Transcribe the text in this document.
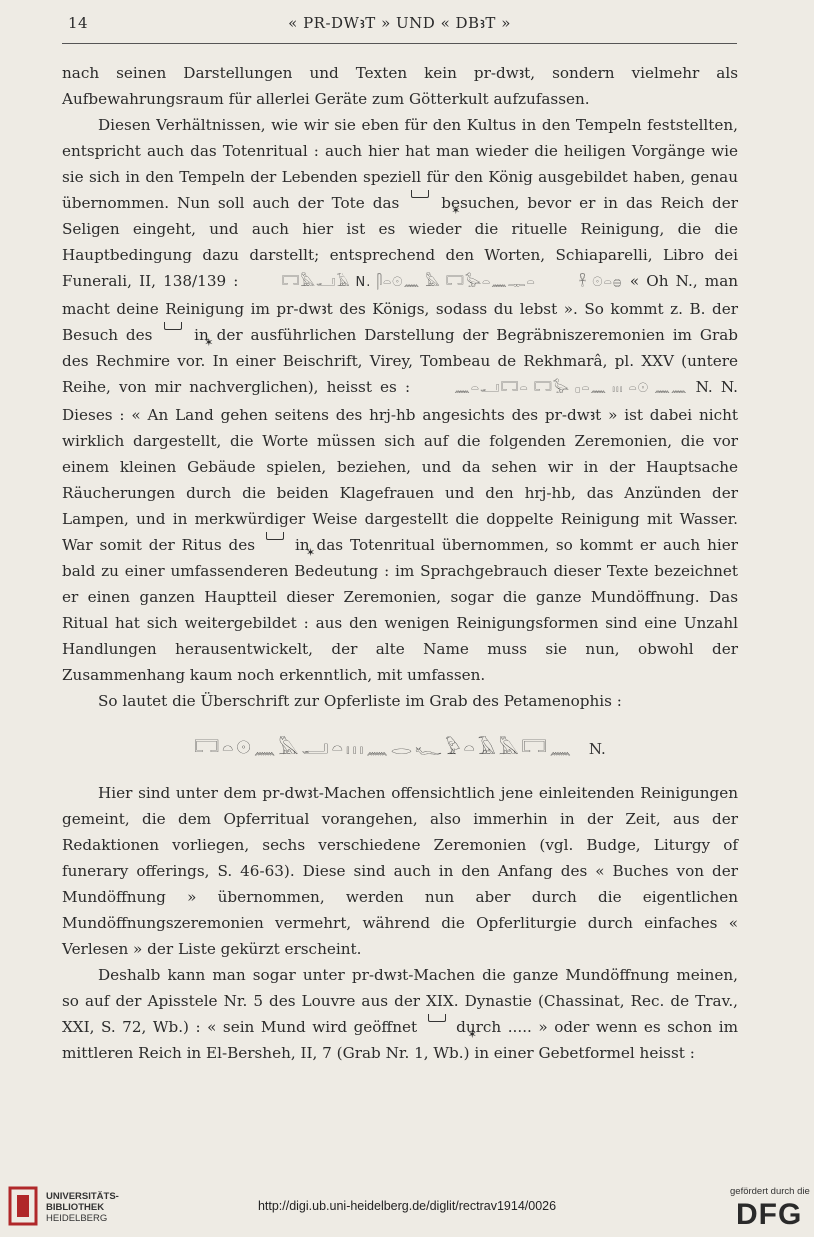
14	« PR-DWꜣT » UND « DBꜣT »

nach seinen Darstellungen und Texten kein pr-dwꜣt, sondern vielmehr als Aufbewahrungsraum für allerlei Geräte zum Götterkult aufzufassen.

Diesen Verhältnissen, wie wir sie eben für den Kultus in den Tempeln feststellten, entspricht auch das Totenritual : auch hier hat man wieder die heiligen Vorgänge wie sie sich in den Tempeln der Lebenden speziell für den König ausgebildet haben, genau übernommen. Nun soll auch der Tote das ✶	besuchen, bevor er in das Reich der Seligen eingeht, und auch hier ist es wieder die rituelle Reinigung, die die Hauptbedingung dazu darstellt; entsprechend den Worten, Schiaparelli, Libro dei Funerali, II, 138/139 :	𓉐𓅓𓂝𓄿 N. 𓋴𓏏𓇳𓈖 𓅓 𓉐𓅭𓏏𓈖𓊃𓏏	𓋹 𓇳𓏏𓐍 « Oh N., man macht deine Reinigung im pr-dwꜣt des Königs, sodass du lebst ». So kommt z. B. der Besuch des ✶	in der ausführlichen Darstellung der Begräbniszeremonien im Grab des Rechmire vor. In einer Beischrift, Virey, Tombeau de Rekhmarâ, pl. XXV (untere Reihe, von mir nachverglichen), heisst es :	𓈖𓏏𓂝𓉐𓏏 𓉐𓅭 𓊪𓏏𓈖 𓏤𓏤𓏤 𓏏𓇳 𓈖𓈖 N. N. Dieses : « An Land gehen seitens des hrj-hb angesichts des pr-dwꜣt » ist dabei nicht wirklich dargestellt, die Worte müssen sich auf die folgenden Zeremonien, die vor einem kleinen Gebäude spielen, beziehen, und da sehen wir in der Hauptsache Räucherungen durch die beiden Klagefrauen und den hrj-hb, das Anzünden der Lampen, und in merkwürdiger Weise dargestellt die doppelte Reinigung mit Wasser. War somit der Ritus des ✶	in das Totenritual übernommen, so kommt er auch hier bald zu einer umfassenderen Bedeutung : im Sprachgebrauch dieser Texte bezeichnet er einen ganzen Hauptteil dieser Zeremonien, sogar die ganze Mundöffnung. Das Ritual hat sich weitergebildet : aus den wenigen Reinigungsformen sind eine Unzahl Handlungen herausentwickelt, der alte Name muss sie nun, obwohl der Zusammenhang kaum noch erkenntlich, mit umfassen.

So lautet die Überschrift zur Opferliste im Grab des Petamenophis :

𓉐𓏏𓇳𓈖𓅓𓂝𓏏𓏤𓏤𓏤𓈖𓂋𓆑𓅱𓏏𓄿𓅓𓉐𓈖 N.

Hier sind unter dem pr-dwꜣt-Machen offensichtlich jene einleitenden Reinigungen gemeint, die dem Opferritual vorangehen, also immerhin in der Zeit, aus der Redaktionen vorliegen, sechs verschiedene Zeremonien (vgl. Budge, Liturgy of funerary offerings, S. 46-63). Diese sind auch in den Anfang des « Buches von der Mundöffnung » übernommen, werden nun aber durch die eigentlichen Mundöffnungszeremonien vermehrt, während die Opferliturgie durch einfaches « Verlesen » der Liste gekürzt erscheint.

Deshalb kann man sogar unter pr-dwꜣt-Machen die ganze Mundöffnung meinen, so auf der Apisstele Nr. 5 des Louvre aus der XIX. Dynastie (Chassinat, Rec. de Trav., XXI, S. 72, Wb.) : « sein Mund wird geöffnet ✶	durch ..... » oder wenn es schon im mittleren Reich in El-Bersheh, II, 7 (Grab Nr. 1, Wb.) in einer Gebetformel heisst :

UNIVERSITÄTS-
BIBLIOTHEK
HEIDELBERG
http://digi.ub.uni-heidelberg.de/diglit/rectrav1914/0026
gefördert durch die
DFG
